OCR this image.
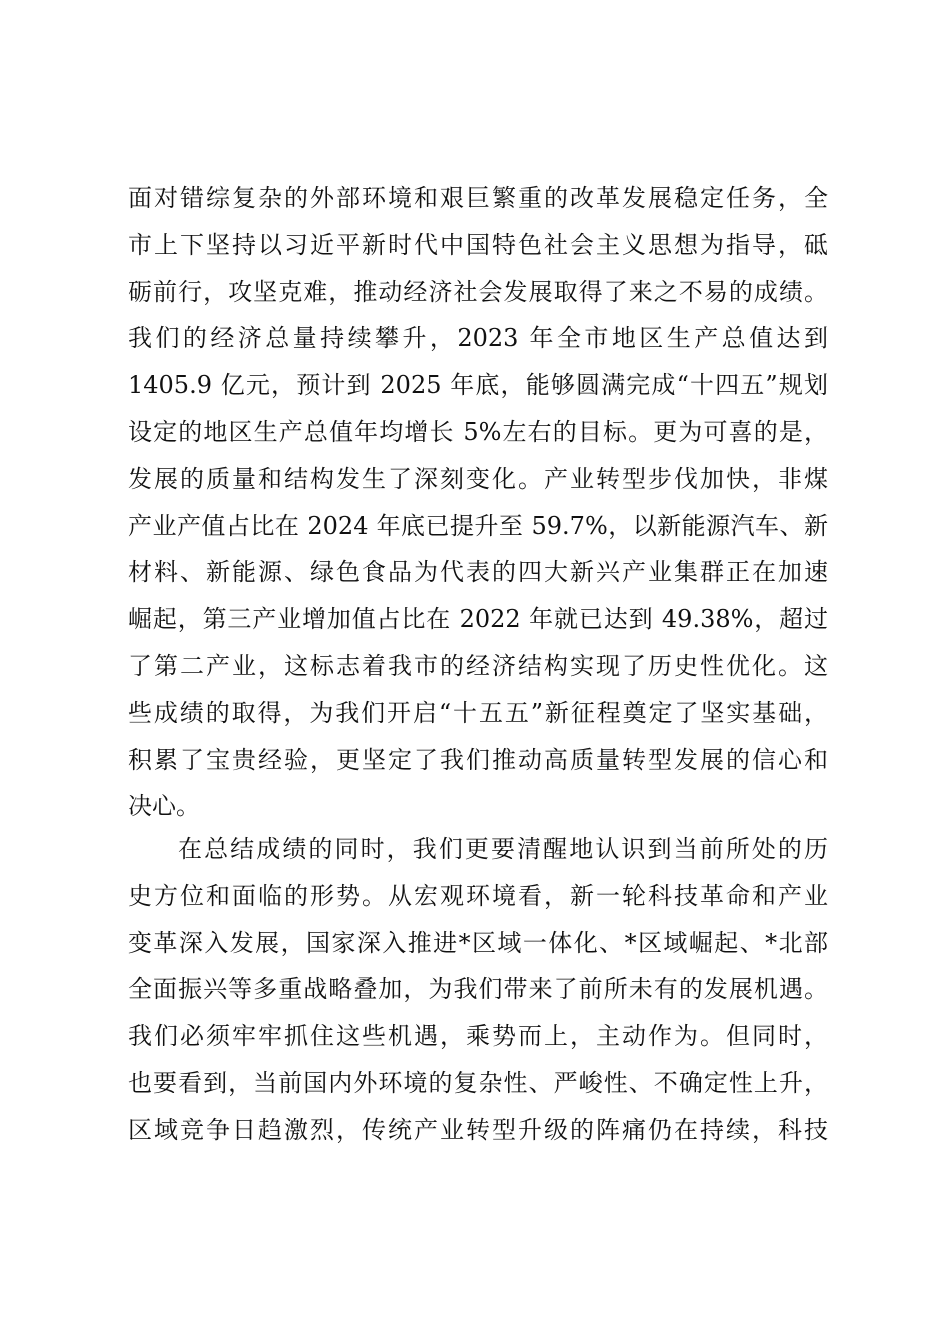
面对错综复杂的外部环境和艰巨繁重的改革发展稳定任务，全
市上下坚持以习近平新时代中国特色社会主义思想为指导，砥
砺前行，攻坚克难，推动经济社会发展取得了来之不易的成绩。
我们的经济总量持续攀升，2023 年全市地区生产总值达到
1405.9 亿元，预计到 2025 年底，能够圆满完成“十四五”规划
设定的地区生产总值年均增长 5%左右的目标。更为可喜的是，
发展的质量和结构发生了深刻变化。产业转型步伐加快，非煤
产业产值占比在 2024 年底已提升至 59.7%，以新能源汽车、新
材料、新能源、绿色食品为代表的四大新兴产业集群正在加速
崛起，第三产业增加值占比在 2022 年就已达到 49.38%，超过
了第二产业，这标志着我市的经济结构实现了历史性优化。这
些成绩的取得，为我们开启“十五五”新征程奠定了坚实基础，
积累了宝贵经验，更坚定了我们推动高质量转型发展的信心和
决心。
在总结成绩的同时，我们更要清醒地认识到当前所处的历
史方位和面临的形势。从宏观环境看，新一轮科技革命和产业
变革深入发展，国家深入推进*区域一体化、*区域崛起、*北部
全面振兴等多重战略叠加，为我们带来了前所未有的发展机遇。
我们必须牢牢抓住这些机遇，乘势而上，主动作为。但同时，
也要看到，当前国内外环境的复杂性、严峻性、不确定性上升，
区域竞争日趋激烈，传统产业转型升级的阵痛仍在持续，科技
